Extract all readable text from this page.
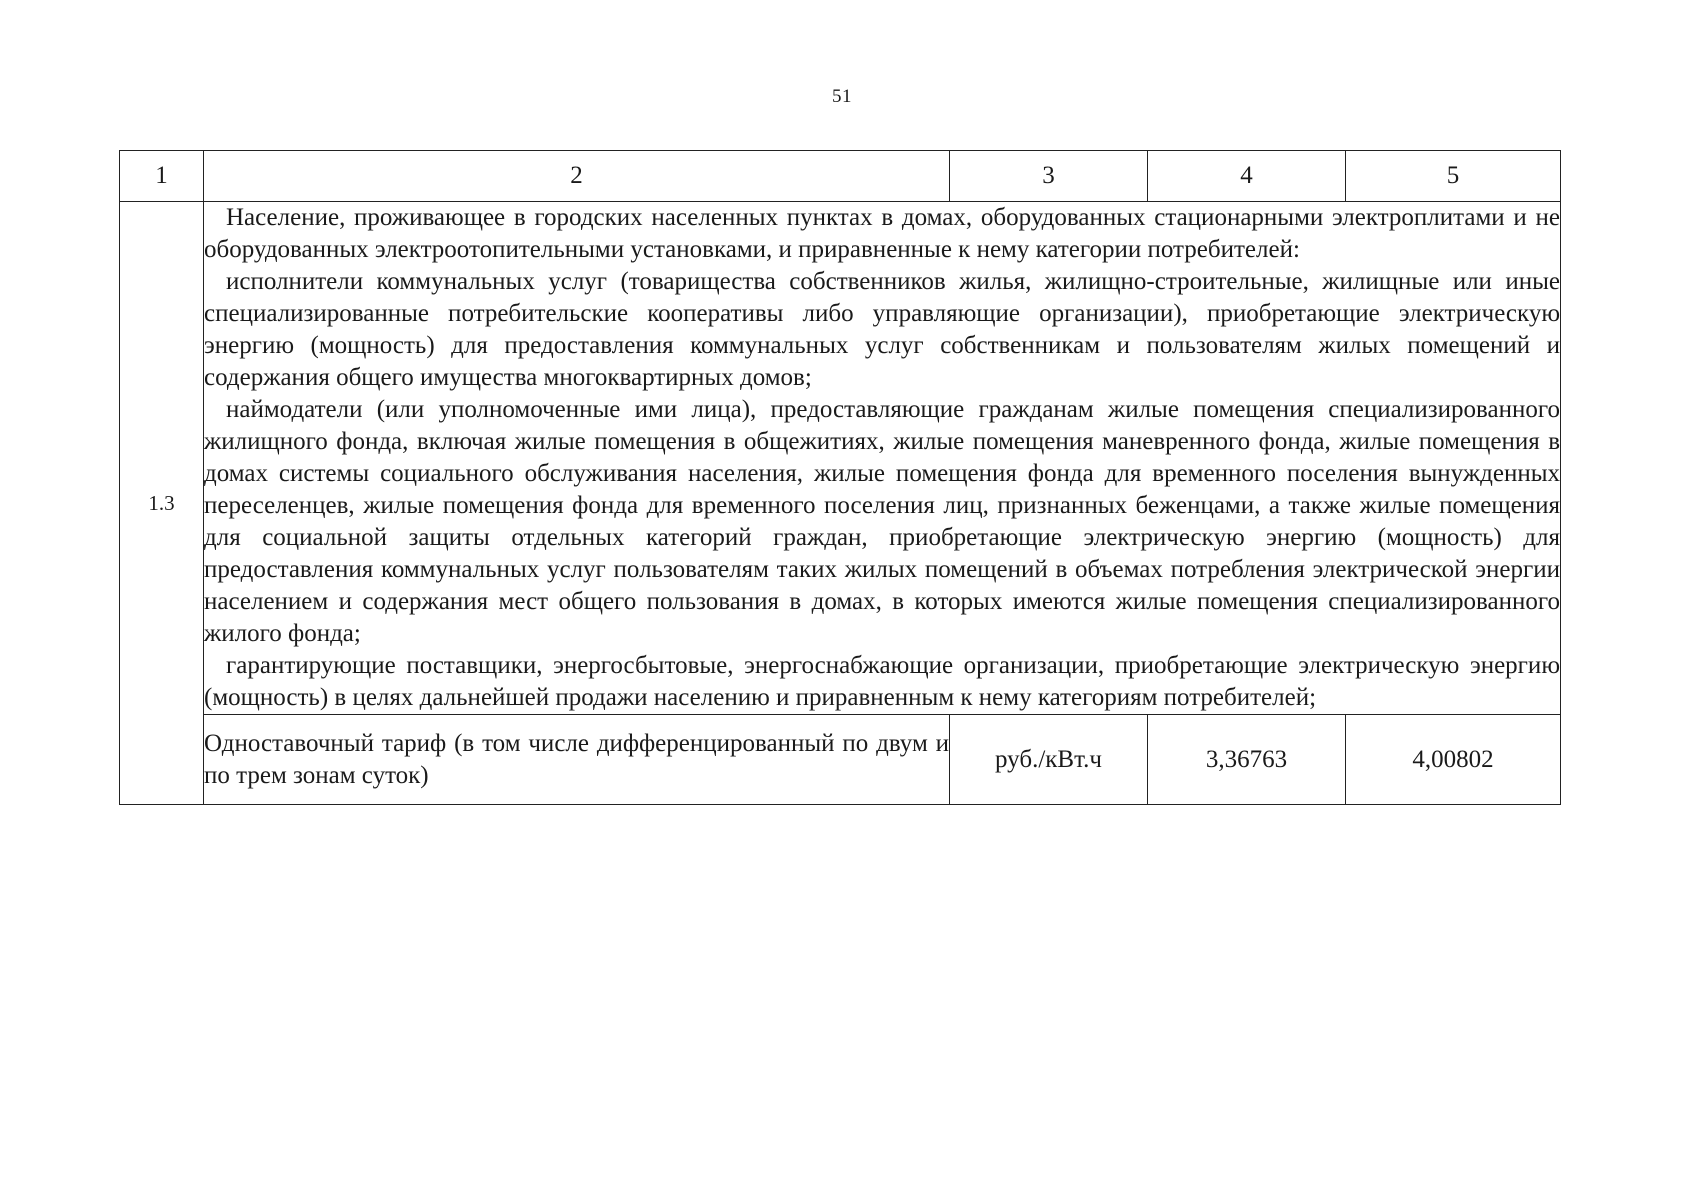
51
1	2	3	4	5
1.3	Население, проживающее в городских населенных пунктах в домах, оборудованных стационарными электроплитами и не оборудованных электроотопительными установками, и приравненные к нему категории потребителей:

исполнители коммунальных услуг (товарищества собственников жилья, жилищно-строительные, жилищные или иные специализированные потребительские кооперативы либо управляющие организации), приобретающие электрическую энергию (мощность) для предоставления коммунальных услуг собственникам и пользователям жилых помещений и содержания общего имущества многоквартирных домов;

наймодатели (или уполномоченные ими лица), предоставляющие гражданам жилые помещения специализированного жилищного фонда, включая жилые помещения в общежитиях, жилые помещения маневренного фонда, жилые помещения в домах системы социального обслуживания населения, жилые помещения фонда для временного поселения вынужденных переселенцев, жилые помещения фонда для временного поселения лиц, признанных беженцами, а также жилые помещения для социальной защиты отдельных категорий граждан, приобретающие электрическую энергию (мощность) для предоставления коммунальных услуг пользователям таких жилых помещений в объемах потребления электрической энергии населением и содержания мест общего пользования в домах, в которых имеются жилые помещения специализированного жилого фонда;

гарантирующие поставщики, энергосбытовые, энергоснабжающие организации, приобретающие электрическую энергию (мощность) в целях дальнейшей продажи населению и приравненным к нему категориям потребителей;			

	Одноставочный тариф (в том числе дифференцированный по двум и по трем зонам суток)	руб./кВт.ч	3,36763	4,00802
